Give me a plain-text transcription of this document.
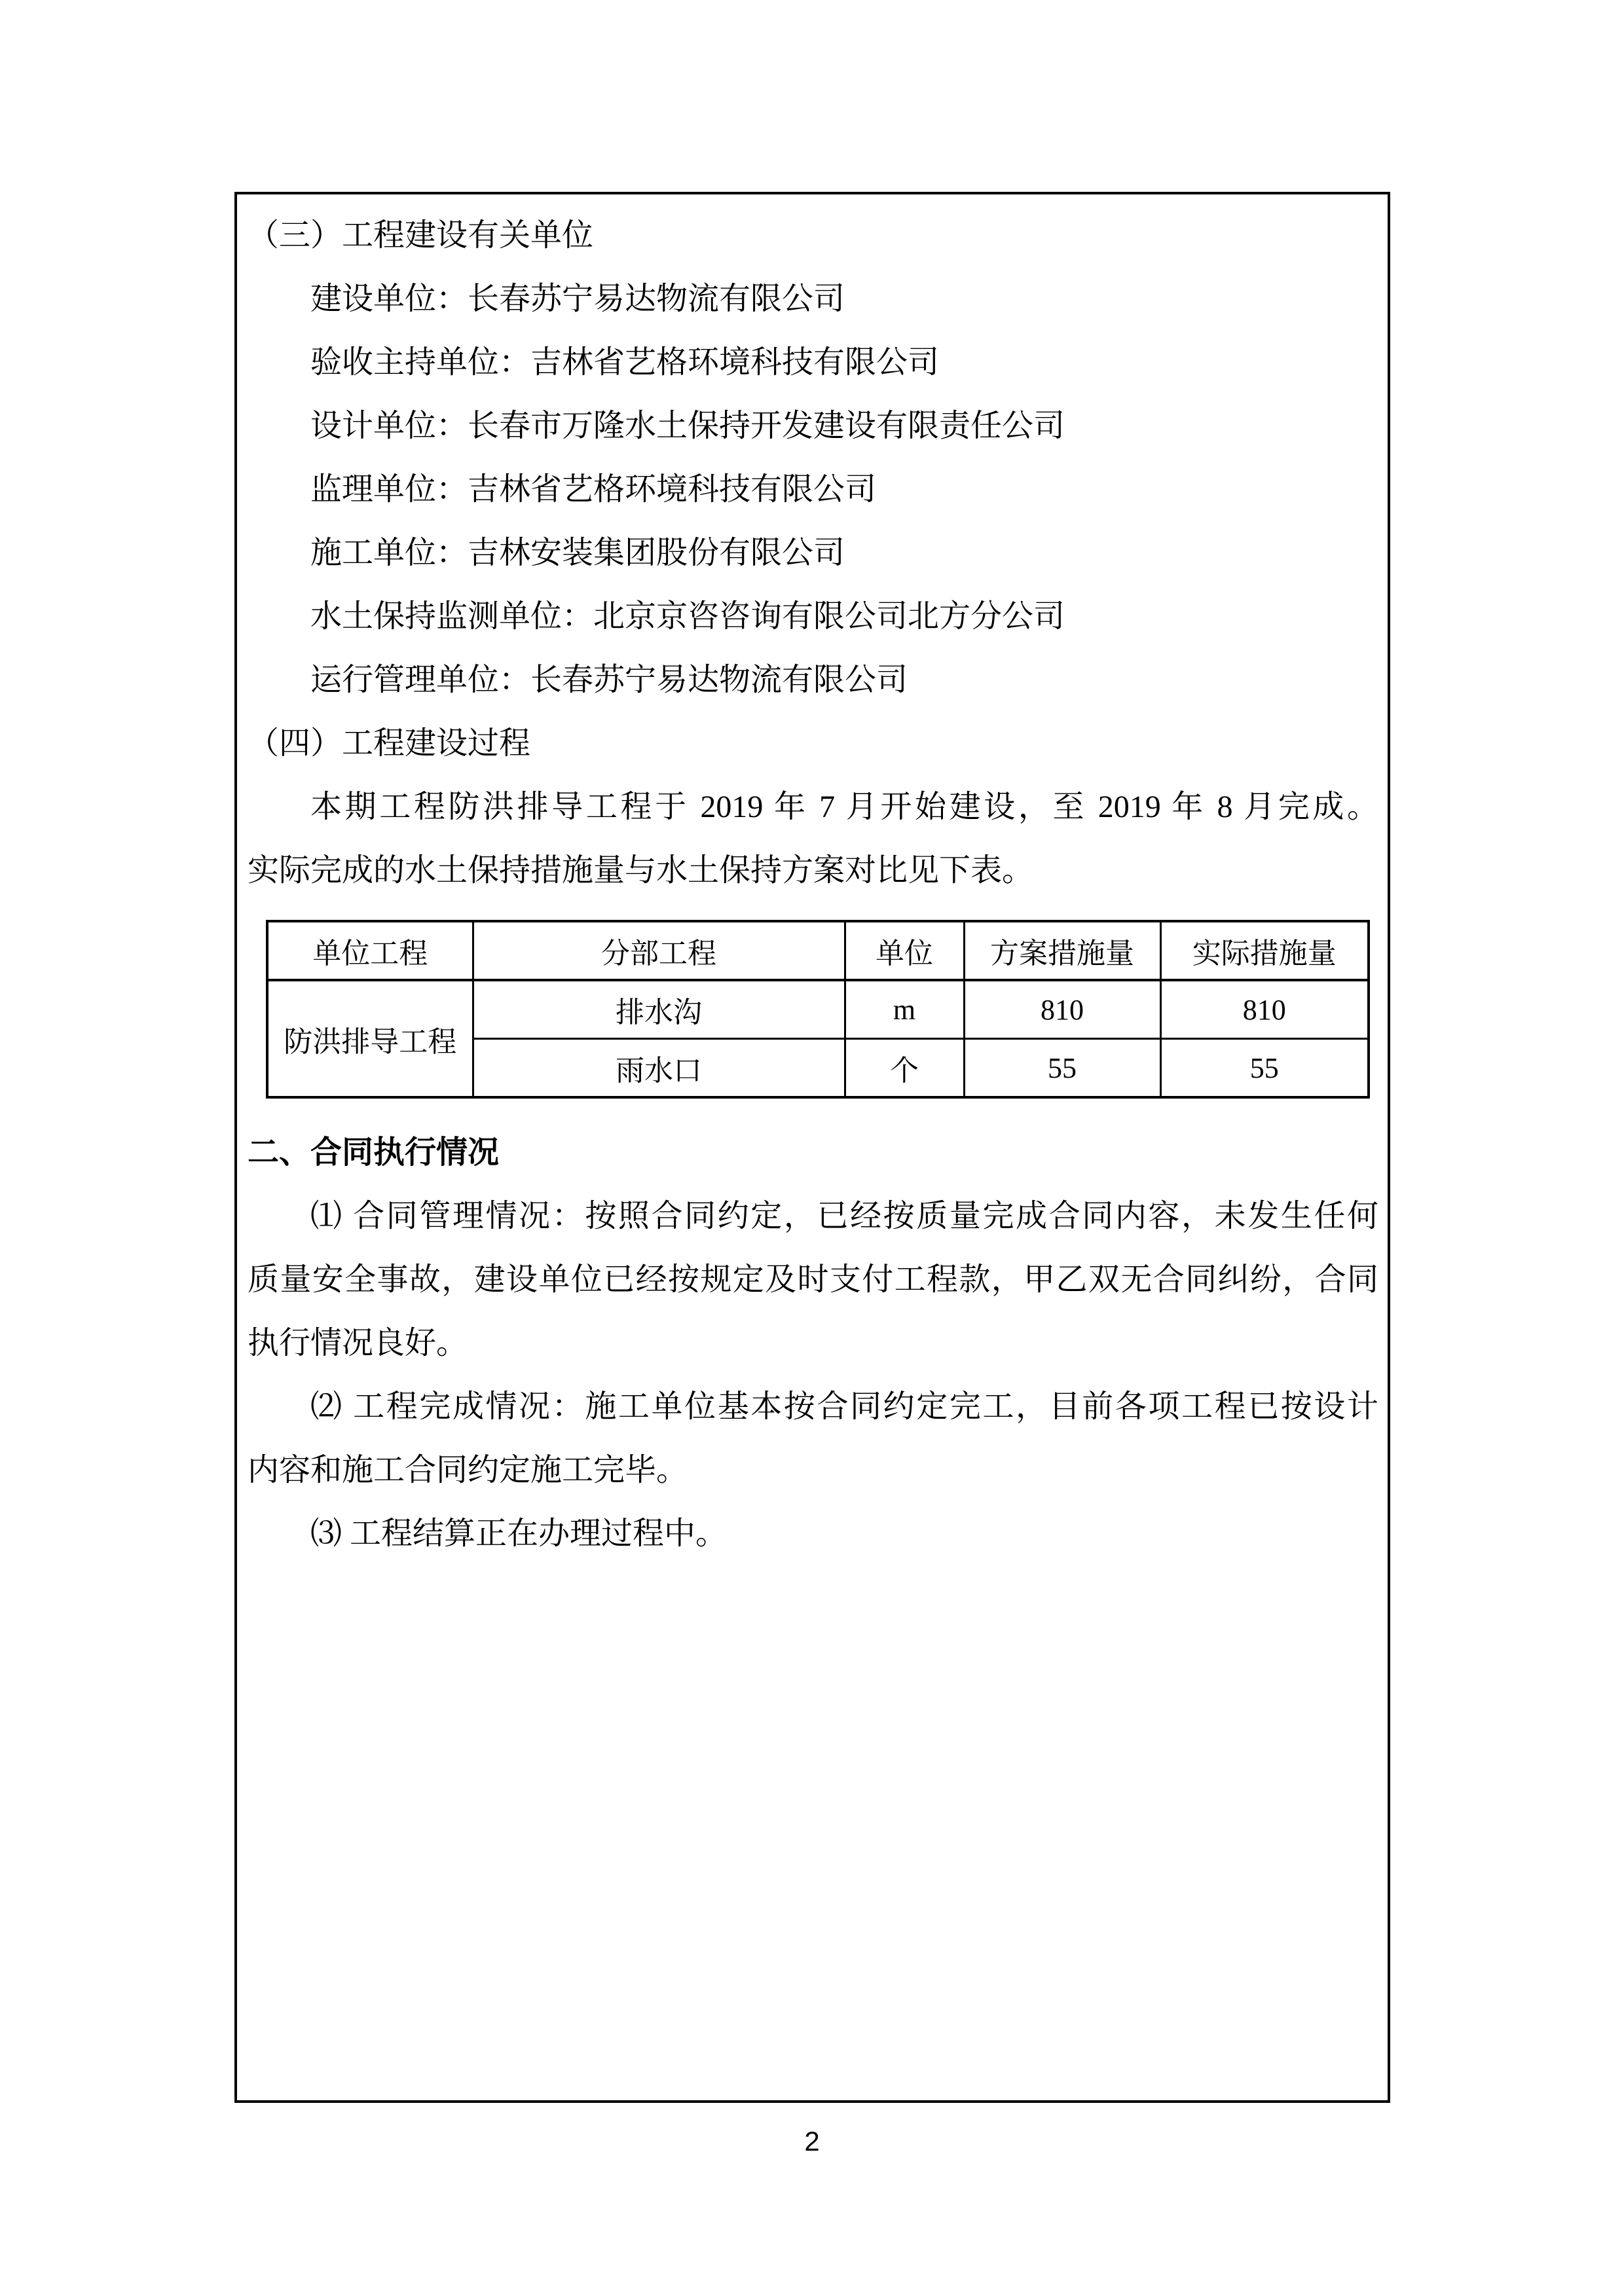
（三）工程建设有关单位
建设单位：长春苏宁易达物流有限公司
验收主持单位：吉林省艺格环境科技有限公司
设计单位：长春市万隆水土保持开发建设有限责任公司
监理单位：吉林省艺格环境科技有限公司
施工单位：吉林安装集团股份有限公司
水土保持监测单位：北京京咨咨询有限公司北方分公司
运行管理单位：长春苏宁易达物流有限公司
（四）工程建设过程
本期工程防洪排导工程于 2019 年 7 月开始建设，至 2019 年 8 月完成。
实际完成的水土保持措施量与水土保持方案对比见下表。
单位工程	分部工程	单位	方案措施量	实际措施量
防洪排导工程	排水沟	m	810	810
	雨水口	个	55	55
二、合同执行情况
⑴ 合同管理情况：按照合同约定，已经按质量完成合同内容，未发生任何
质量安全事故，建设单位已经按规定及时支付工程款，甲乙双无合同纠纷，合同
执行情况良好。
⑵ 工程完成情况：施工单位基本按合同约定完工，目前各项工程已按设计
内容和施工合同约定施工完毕。
⑶ 工程结算正在办理过程中。
2
